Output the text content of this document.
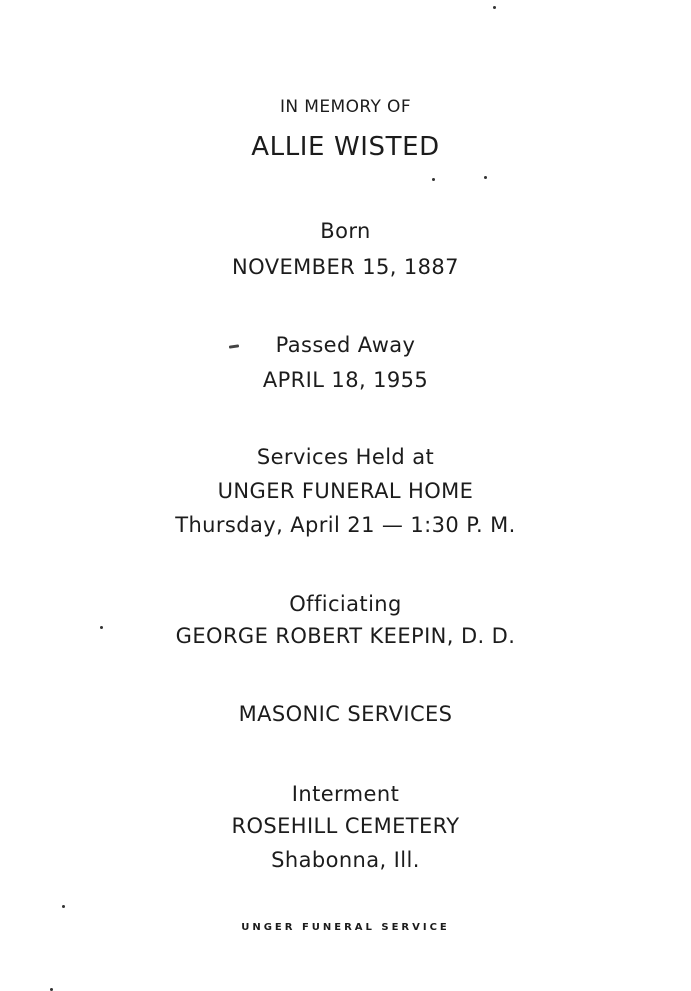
IN MEMORY OF
ALLIE WISTED
Born
NOVEMBER 15, 1887
Passed Away
APRIL 18, 1955
Services Held at
UNGER FUNERAL HOME
Thursday, April 21 — 1:30 P. M.
Officiating
GEORGE ROBERT KEEPIN, D. D.
MASONIC SERVICES
Interment
ROSEHILL CEMETERY
Shabonna, Ill.
UNGER FUNERAL SERVICE
